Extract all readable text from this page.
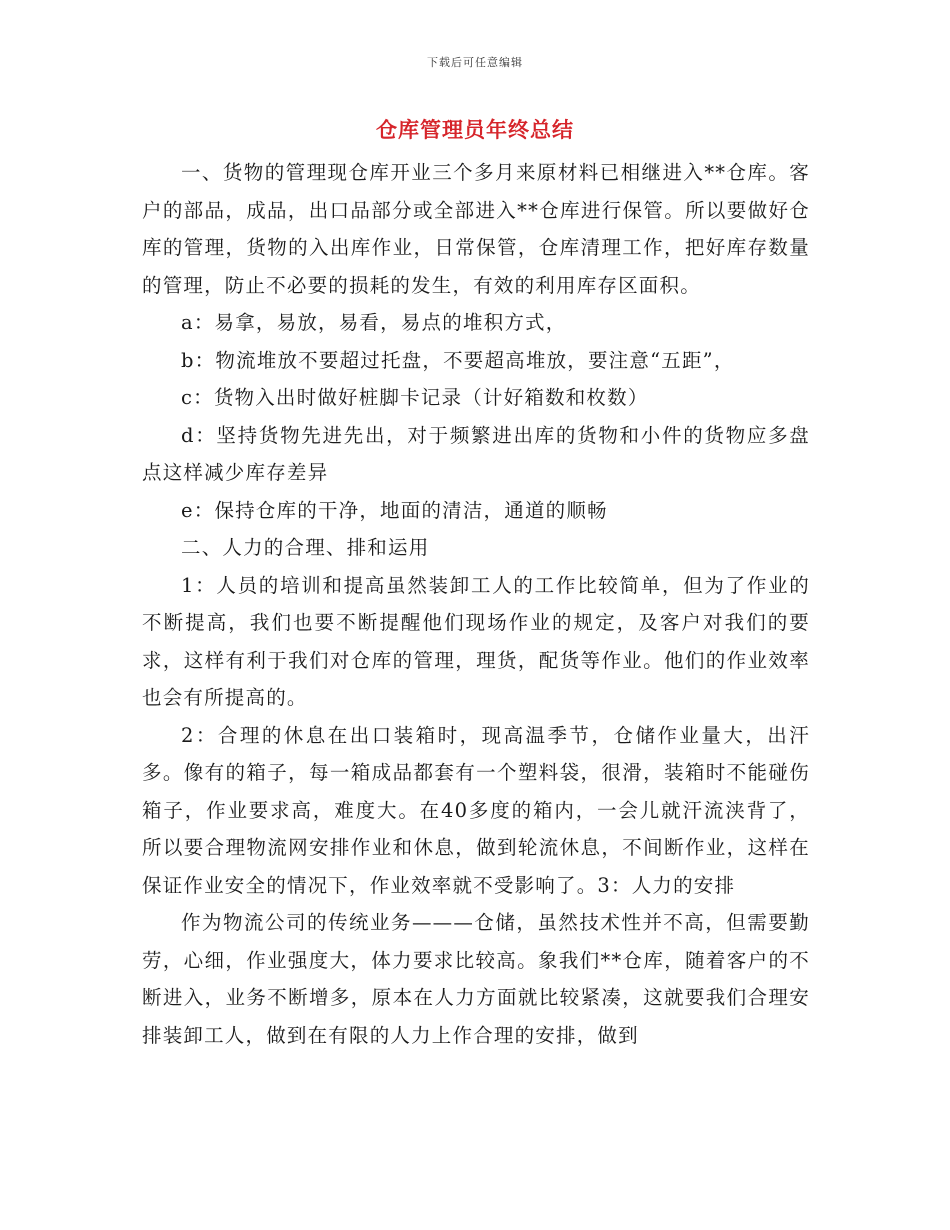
下载后可任意编辑
仓库管理员年终总结

一、货物的管理现仓库开业三个多月来原材料已相继进入**仓库。客户的部品，成品，出口品部分或全部进入**仓库进行保管。所以要做好仓库的管理，货物的入出库作业，日常保管，仓库清理工作，把好库存数量的管理，防止不必要的损耗的发生，有效的利用库存区面积。

a：易拿，易放，易看，易点的堆积方式，

b：物流堆放不要超过托盘，不要超高堆放，要注意“五距”，

c：货物入出时做好桩脚卡记录（计好箱数和枚数）

d：坚持货物先进先出，对于频繁进出库的货物和小件的货物应多盘点这样减少库存差异

e：保持仓库的干净，地面的清洁，通道的顺畅

二、人力的合理、排和运用

1：人员的培训和提高虽然装卸工人的工作比较简单，但为了作业的不断提高，我们也要不断提醒他们现场作业的规定，及客户对我们的要求，这样有利于我们对仓库的管理，理货，配货等作业。他们的作业效率也会有所提高的。

2：合理的休息在出口装箱时，现高温季节，仓储作业量大，出汗多。像有的箱子，每一箱成品都套有一个塑料袋，很滑，装箱时不能碰伤箱子，作业要求高，难度大。在40多度的箱内，一会儿就汗流浃背了，所以要合理物流网安排作业和休息，做到轮流休息，不间断作业，这样在保证作业安全的情况下，作业效率就不受影响了。3：人力的安排

作为物流公司的传统业务———仓储，虽然技术性并不高，但需要勤劳，心细，作业强度大，体力要求比较高。象我们**仓库，随着客户的不断进入，业务不断增多，原本在人力方面就比较紧凑，这就要我们合理安排装卸工人，做到在有限的人力上作合理的安排，做到
